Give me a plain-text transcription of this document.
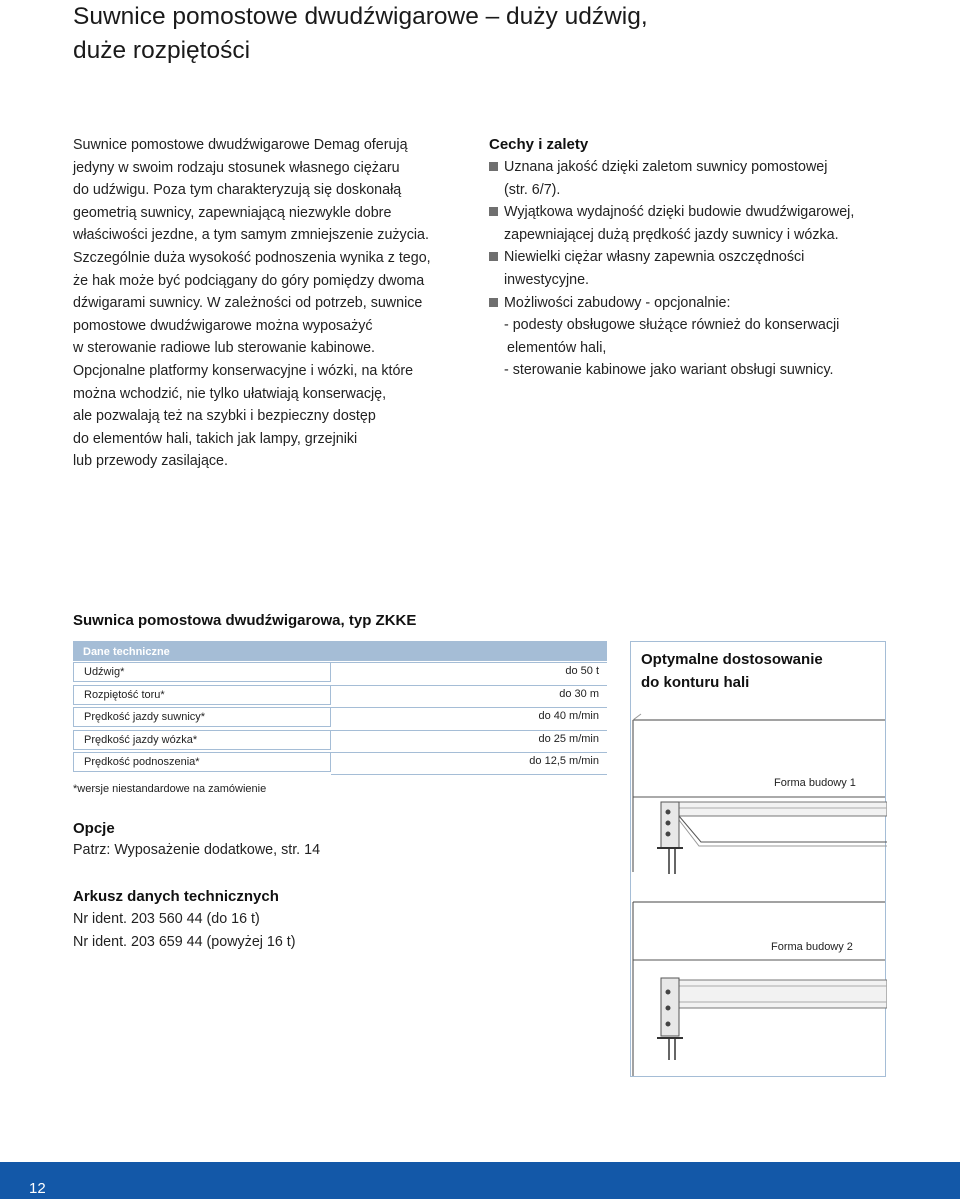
Suwnice pomostowe dwudźwigarowe – duży udźwig,
duże rozpiętości
Suwnice pomostowe dwudźwigarowe Demag oferują
jedyny w swoim rodzaju stosunek własnego ciężaru
do udźwigu. Poza tym charakteryzują się doskonałą
geometrią suwnicy, zapewniającą niezwykle dobre
właściwości jezdne, a tym samym zmniejszenie zużycia.
Szczególnie duża wysokość podnoszenia wynika z tego,
że hak może być podciągany do góry pomiędzy dwoma
dźwigarami suwnicy. W zależności od potrzeb, suwnice
pomostowe dwudźwigarowe można wyposażyć
w sterowanie radiowe lub sterowanie kabinowe.
Opcjonalne platformy konserwacyjne i wózki, na które
można wchodzić, nie tylko ułatwiają konserwację,
ale pozwalają też na szybki i bezpieczny dostęp
do elementów hali, takich jak lampy, grzejniki
lub przewody zasilające.
Cechy i zalety
Uznana jakość dzięki zaletom suwnicy pomostowej
(str. 6/7).
Wyjątkowa wydajność dzięki budowie dwudźwigarowej,
zapewniającej dużą prędkość jazdy suwnicy i wózka.
Niewielki ciężar własny zapewnia oszczędności
inwestycyjne.
Możliwości zabudowy - opcjonalnie:
- podesty obsługowe służące również do konserwacji
elementów hali,
- sterowanie kabinowe jako wariant obsługi suwnicy.
Suwnica pomostowa dwudźwigarowa, typ ZKKE
Dane techniczne
Udźwig*	do 50 t
Rozpiętość toru*	do 30 m
Prędkość jazdy suwnicy*	do 40 m/min
Prędkość jazdy wózka*	do 25 m/min
Prędkość podnoszenia*	do 12,5 m/min
*wersje niestandardowe na zamówienie
Opcje
Patrz: Wyposażenie dodatkowe, str. 14
Arkusz danych technicznych
Nr ident. 203 560 44 (do 16 t)
Nr ident. 203 659 44 (powyżej 16 t)
Optymalne dostosowanie
do konturu hali
Forma budowy 1
Forma budowy 2
12
